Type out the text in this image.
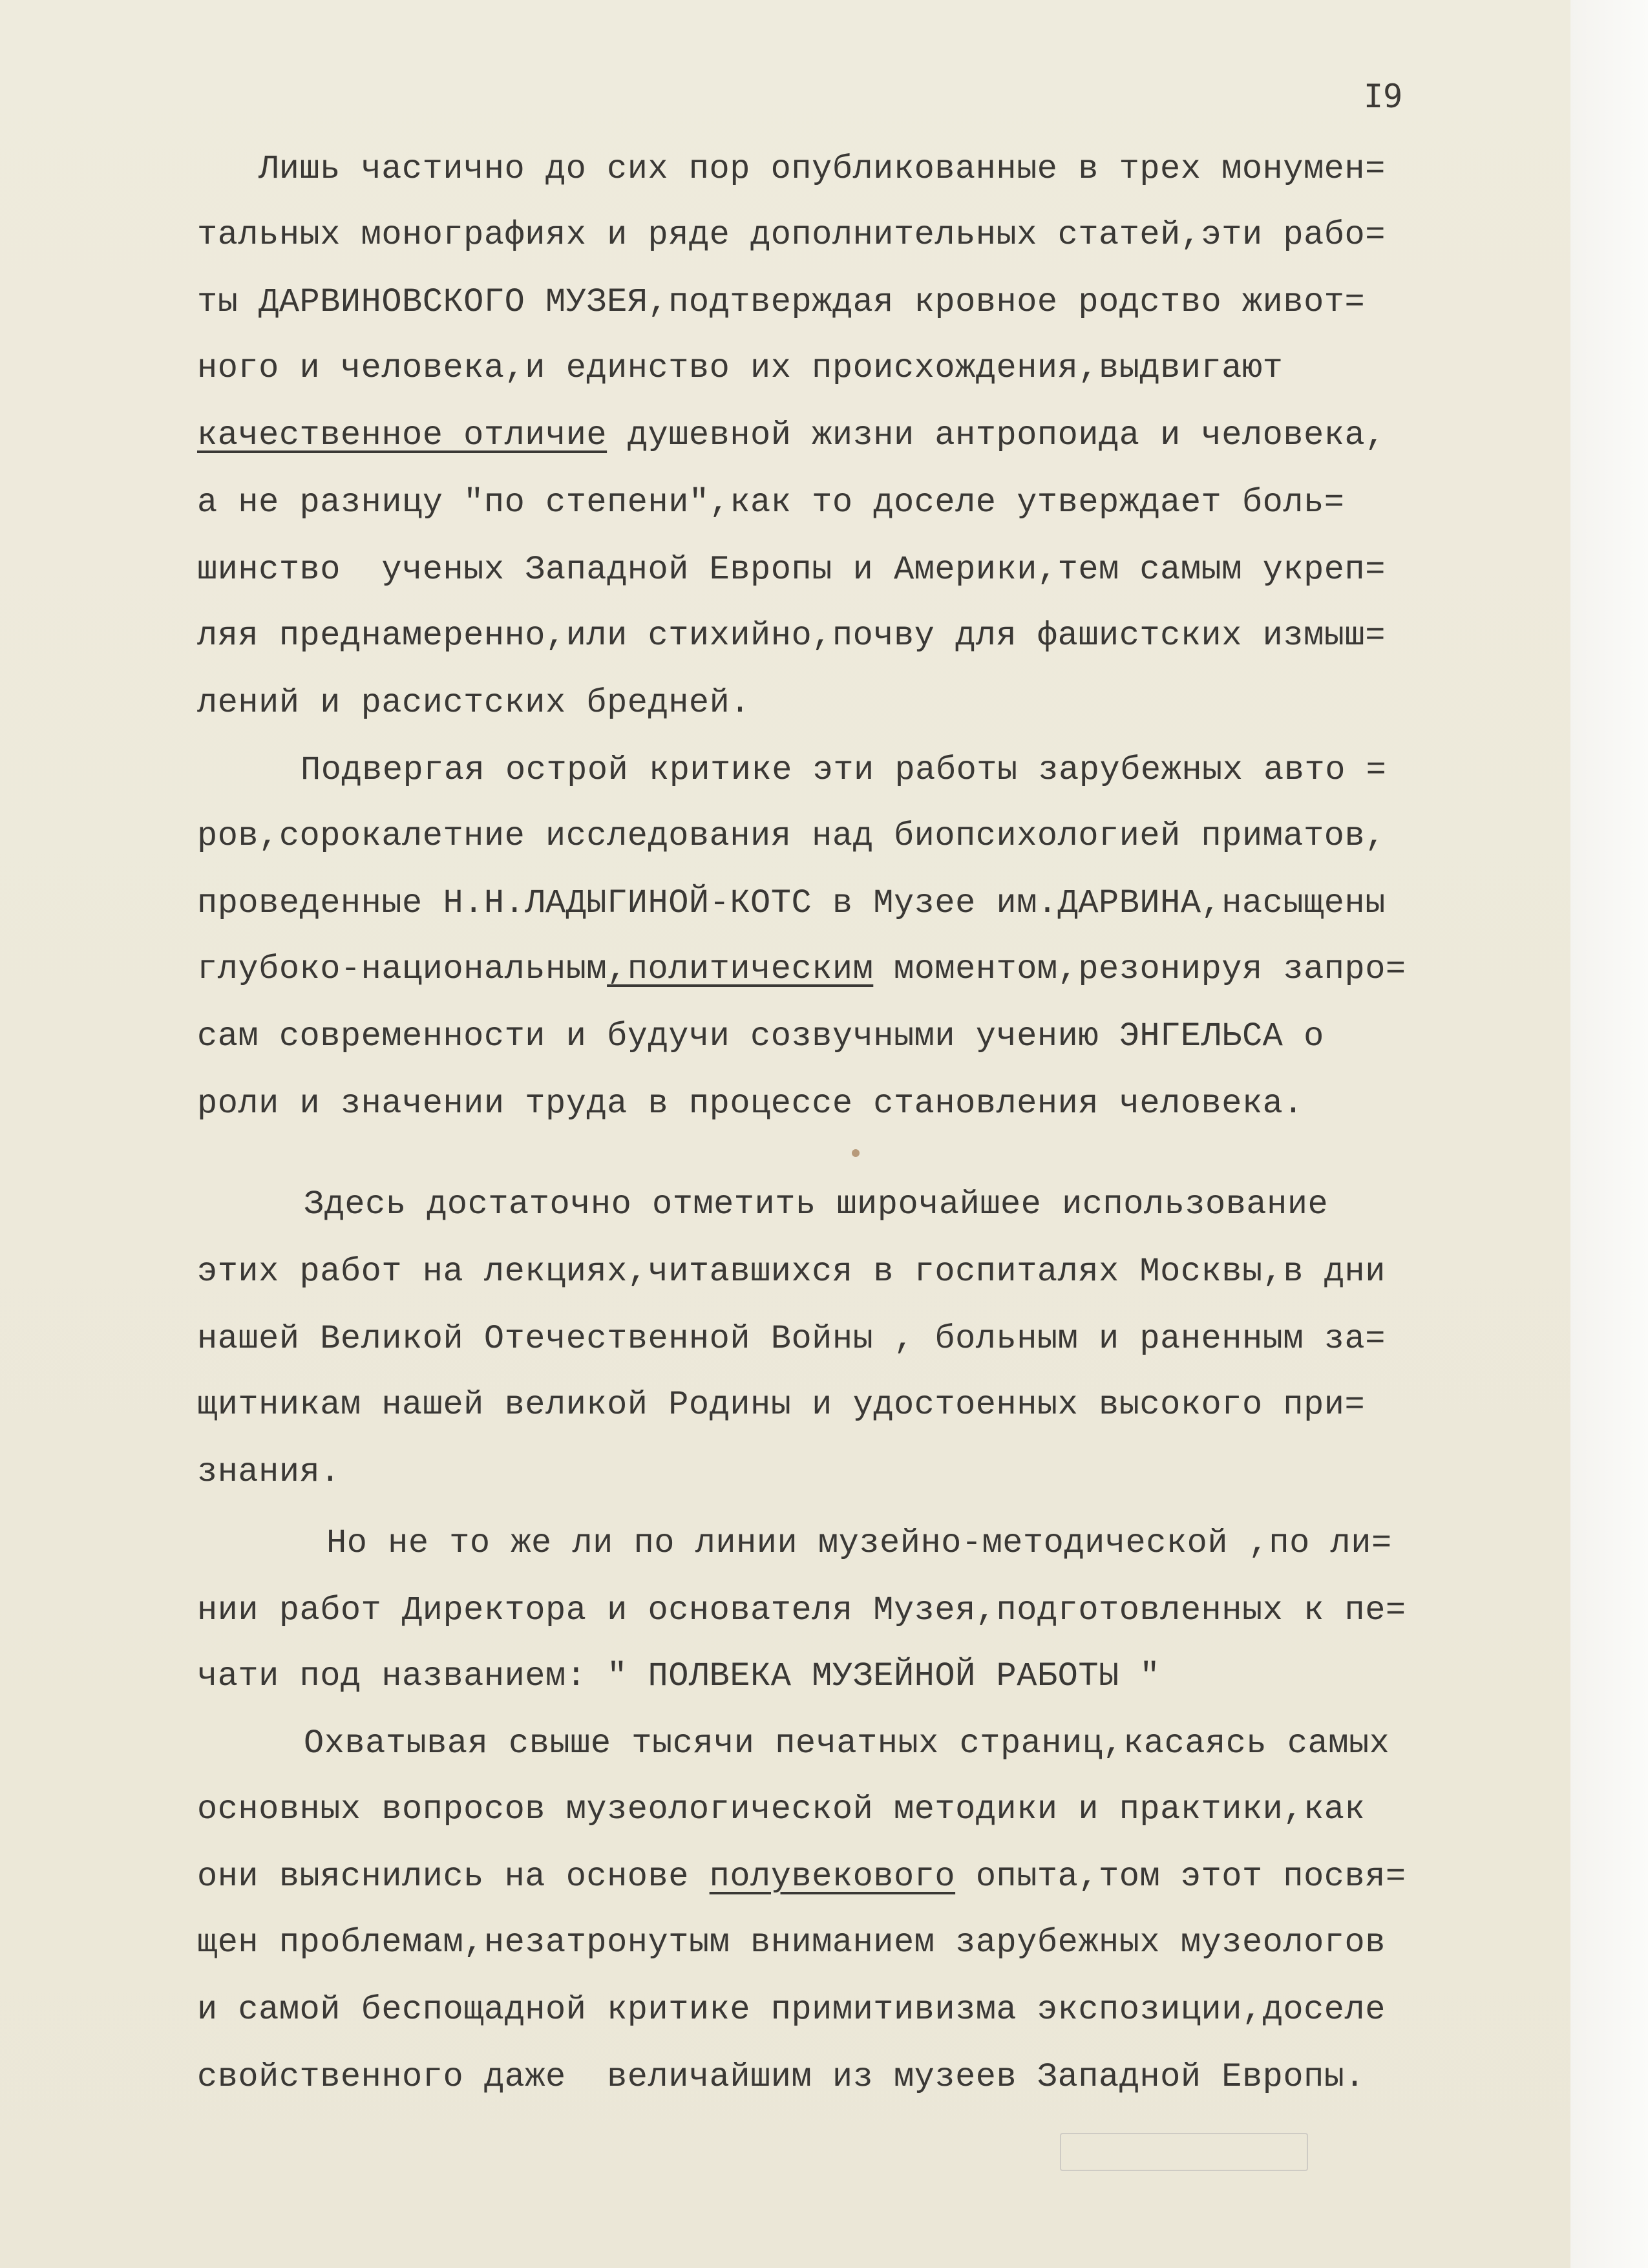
I9
Лишь частично до сих пор опубликованные в трех монумен=
тальных монографиях и ряде дополнительных статей,эти рабо=
ты ДАРВИНОВСКОГО МУЗЕЯ,подтверждая кровное родство живот=
ного и человека,и единство их происхождения,выдвигают
качественное отличие душевной жизни антропоида и человека,
а не разницу "по степени",как то доселе утверждает боль=
шинство  ученых Западной Европы и Америки,тем самым укреп=
ляя преднамеренно,или стихийно,почву для фашистских измыш=
лений и расистских бредней.
Подвергая острой критике эти работы зарубежных авто =
ров,сорокалетние исследования над биопсихологией приматов,
проведенные Н.Н.ЛАДЫГИНОЙ-КОТС в Музее им.ДАРВИНА,насыщены
глубоко-национальным,политическим моментом,резонируя запро=
сам современности и будучи созвучными учению ЭНГЕЛЬСА о
роли и значении труда в процессе становления человека.
Здесь достаточно отметить широчайшее использование
этих работ на лекциях,читавшихся в госпиталях Москвы,в дни
нашей Великой Отечественной Войны , больным и раненным за=
щитникам нашей великой Родины и удостоенных высокого при=
знания.
Но не то же ли по линии музейно-методической ,по ли=
нии работ Директора и основателя Музея,подготовленных к пе=
чати под названием: " ПОЛВЕКА МУЗЕЙНОЙ РАБОТЫ "
Охватывая свыше тысячи печатных страниц,касаясь самых
основных вопросов музеологической методики и практики,как
они выяснились на основе полувекового опыта,том этот посвя=
щен проблемам,незатронутым вниманием зарубежных музеологов
и самой беспощадной критике примитивизма экспозиции,доселе
свойственного даже  величайшим из музеев Западной Европы.
